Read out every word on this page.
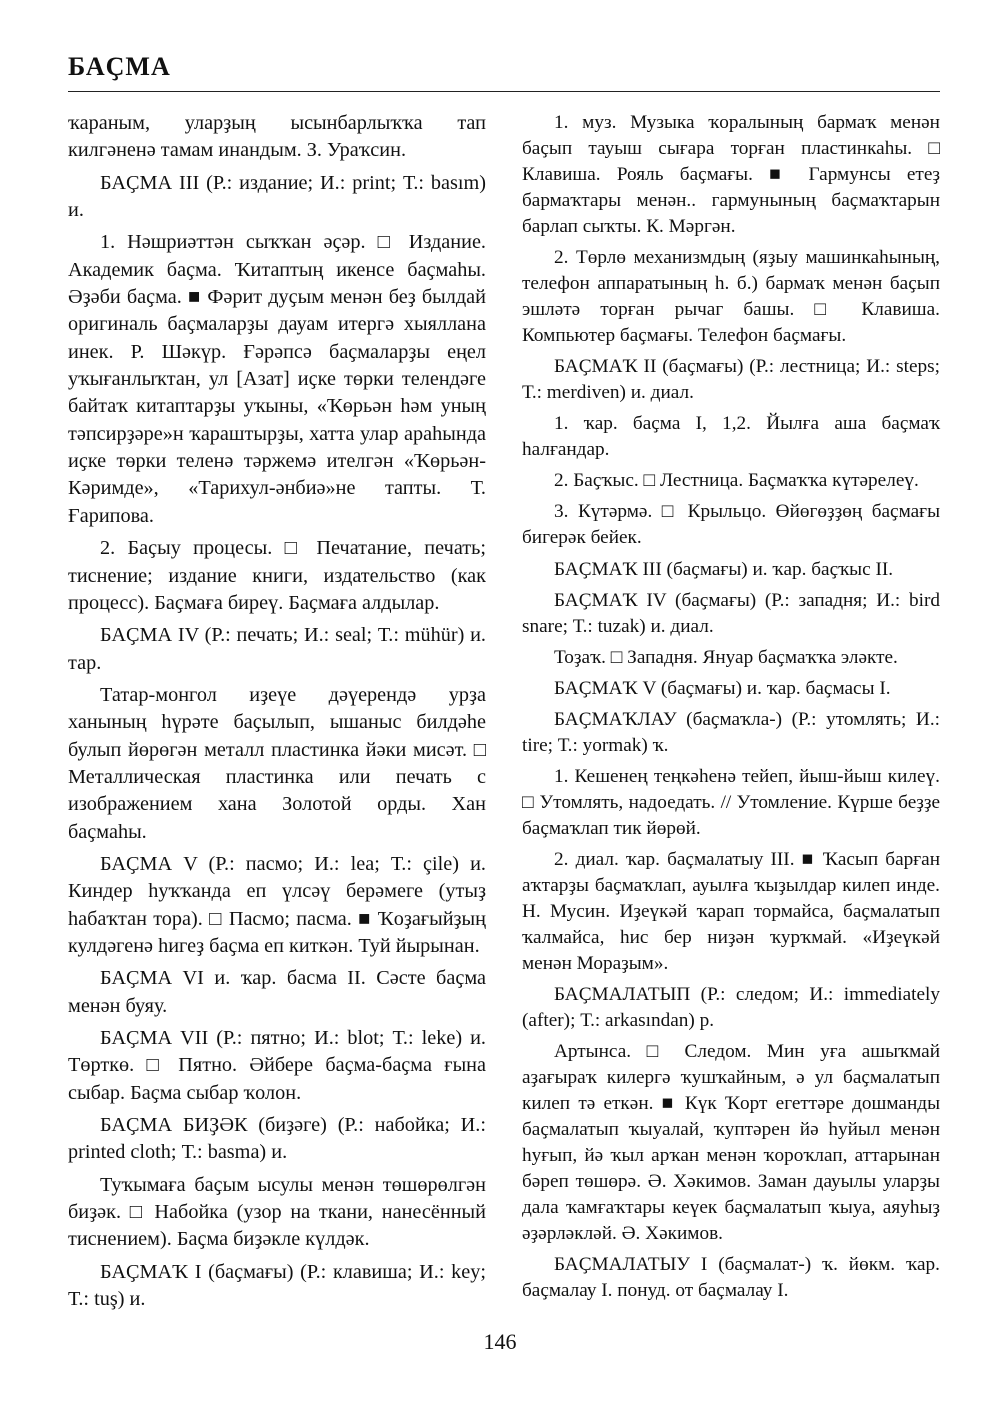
БАҪМА

ҡараным, уларҙың ысынбарлыҡҡа тап килгәненә тамам инандым. З. Ураҡсин.

БАҪМА III (Р.: издание; И.: print; Т.: basım) и.

1. Нәшриәттән сыҡҡан әҫәр. □ Издание. Академик баҫма. Ҡитаптың икенсе баҫмаһы. Әҙәби баҫма. ■ Фәрит дуҫым менән беҙ былдай оригиналь баҫмаларҙы дауам итергә хыяллана инек. Р. Шәкүр. Ғәрәпсә баҫмаларҙы еңел уҡығанлыҡтан, ул [Азат] иҫке төрки телендәге байтаҡ китаптарҙы уҡыны, «Ҡөрьән һәм уның тәпсирҙәре»н ҡараштырҙы, хатта улар араһында иҫке төрки теленә тәржемә ителгән «Ҡөрьән-Кәримде», «Тарихул-әнбиә»не тапты. Т. Ғарипова.

2. Баҫыу процесы. □ Печатание, печать; тиснение; издание книги, издательство (как процесс). Баҫмаға биреү. Баҫмаға алдылар.

БАҪМА IV (Р.: печать; И.: seal; Т.: mühür) и. тар.

Татар-монгол иҙеүе дәүерендә урҙа ханының һүрәте баҫылып, ышаныс билдәһе булып йөрөгән металл пластинка йәки мисәт. □ Металлическая пластинка или печать с изображением хана Золотой орды. Хан баҫмаһы.

БАҪМА V (Р.: пасмо; И.: lea; Т.: çile) и. Киндер һуҡҡанда еп үлсәү берәмеге (утыҙ һабаҡтан тора). □ Пасмо; пасма. ■ Ҡоҙағыйҙың кулдәгенә һигеҙ баҫма еп киткән. Туй йырынан.

БАҪМА VI и. ҡар. басма II. Сәсте баҫма менән буяу.

БАҪМА VII (Р.: пятно; И.: blot; Т.: leke) и. Төрткө. □ Пятно. Әйбере баҫма-баҫма ғына сыбар. Баҫма сыбар ҡолон.

БАҪМА БИҘӘК (биҙәге) (Р.: набойка; И.: printed cloth; Т.: basma) и.

Туҡымаға баҫым ысулы менән төшөрөлгән биҙәк. □ Набойка (узор на ткани, нанесённый тиснением). Баҫма биҙәкле күлдәк.

БАҪМАҠ I (баҫмағы) (Р.: клавиша; И.: key; Т.: tuş) и.

1. муз. Музыка ҡоралының бармаҡ менән баҫып тауыш сығара торған пластинкаһы. □ Клавиша. Рояль баҫмағы. ■ Гармунсы етеҙ бармаҡтары менән.. гармунының баҫмаҡтарын барлап сыҡты. К. Мәргән.

2. Төрлө механизмдың (яҙыу машинкаһының, телефон аппаратының һ. б.) бармаҡ менән баҫып эшләтә торған рычаг башы. □ Клавиша. Компьютер баҫмағы. Телефон баҫмағы.

БАҪМАҠ II (баҫмағы) (Р.: лестница; И.: steps; Т.: merdiven) и. диал.

1. ҡар. баҫма I, 1,2. Йылға аша баҫмаҡ һалғандар.

2. Баҫҡыс. □ Лестница. Баҫмаҡҡа күтәрелеү.

3. Күтәрмә. □ Крыльцо. Өйөгөҙҙөң баҫмағы бигерәк бейек.

БАҪМАҠ III (баҫмағы) и. ҡар. баҫҡыс II.

БАҪМАҠ IV (баҫмағы) (Р.: западня; И.: bird snare; Т.: tuzak) и. диал.

Тоҙаҡ. □ Западня. Януар баҫмаҡҡа эләкте.

БАҪМАҠ V (баҫмағы) и. ҡар. баҫмасы I.

БАҪМАҠЛАУ (баҫмаҡла-) (Р.: утомлять; И.: tire; Т.: yormak) ҡ.

1. Кешенең теңкәһенә тейеп, йыш-йыш килеү. □ Утомлять, надоедать. // Утомление. Күрше беҙҙе баҫмаҡлап тик йөрөй.

2. диал. ҡар. баҫмалатыу III. ■ Ҡасып барған аҡтарҙы баҫмаҡлап, ауылға ҡыҙылдар килеп инде. Н. Мусин. Иҙеүкәй ҡарап тормайса, баҫмалатып ҡалмайса, һис бер ниҙән ҡурҡмай. «Иҙеүкәй менән Мораҙым».

БАҪМАЛАТЫП (Р.: следом; И.: immediately (after); Т.: arkasından) р.

Артынса. □ Следом. Мин уға ашыҡмай аҙағыраҡ килергә ҡушҡайным, ә ул баҫмалатып килеп тә еткән. ■ Күк Ҡорт егеттәре дошманды баҫмалатып ҡыуалай, ҡуптәрен йә һуйыл менән һуғып, йә ҡыл арҡан менән ҡороҡлап, аттарынан бәреп төшөрә. Ә. Хәкимов. Заман дауылы уларҙы дала ҡамғаҡтары кеүек баҫмалатып ҡыуа, аяуһыҙ әҙәрләкләй. Ә. Хәкимов.

БАҪМАЛАТЫУ I (баҫмалат-) ҡ. йөкм. ҡар. баҫмалау I. понуд. от баҫмалау I.

146
